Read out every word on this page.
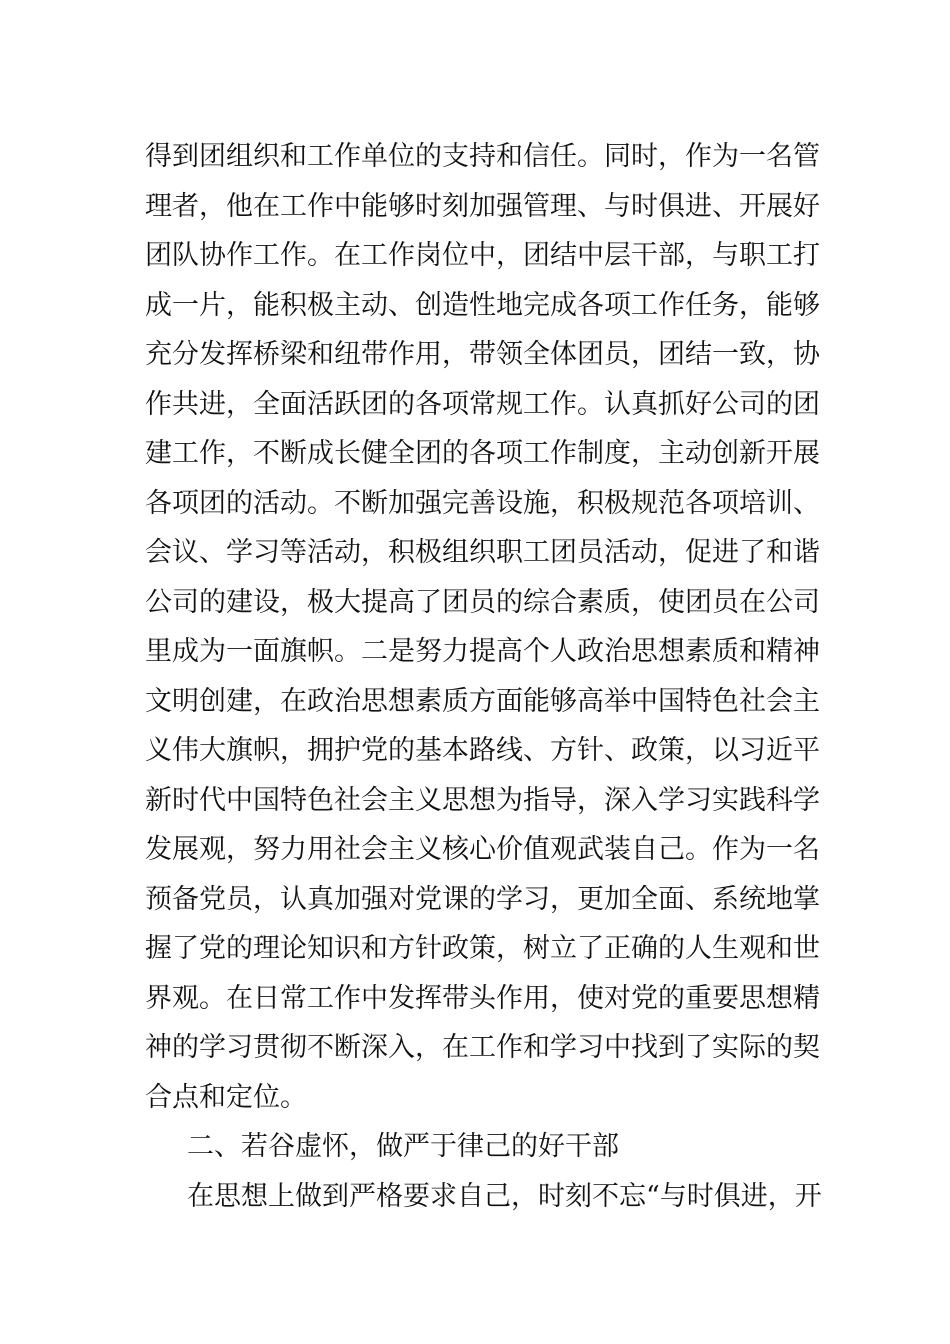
得到团组织和工作单位的支持和信任。同时，作为一名管
理者，他在工作中能够时刻加强管理、与时俱进、开展好
团队协作工作。在工作岗位中，团结中层干部，与职工打
成一片，能积极主动、创造性地完成各项工作任务，能够
充分发挥桥梁和纽带作用，带领全体团员，团结一致，协
作共进，全面活跃团的各项常规工作。认真抓好公司的团
建工作，不断成长健全团的各项工作制度，主动创新开展
各项团的活动。不断加强完善设施，积极规范各项培训、
会议、学习等活动，积极组织职工团员活动，促进了和谐
公司的建设，极大提高了团员的综合素质，使团员在公司
里成为一面旗帜。二是努力提高个人政治思想素质和精神
文明创建，在政治思想素质方面能够高举中国特色社会主
义伟大旗帜，拥护党的基本路线、方针、政策，以习近平
新时代中国特色社会主义思想为指导，深入学习实践科学
发展观，努力用社会主义核心价值观武装自己。作为一名
预备党员，认真加强对党课的学习，更加全面、系统地掌
握了党的理论知识和方针政策，树立了正确的人生观和世
界观。在日常工作中发挥带头作用，使对党的重要思想精
神的学习贯彻不断深入，在工作和学习中找到了实际的契
合点和定位。
二、若谷虚怀，做严于律己的好干部
在思想上做到严格要求自己，时刻不忘“与时俱进，开
